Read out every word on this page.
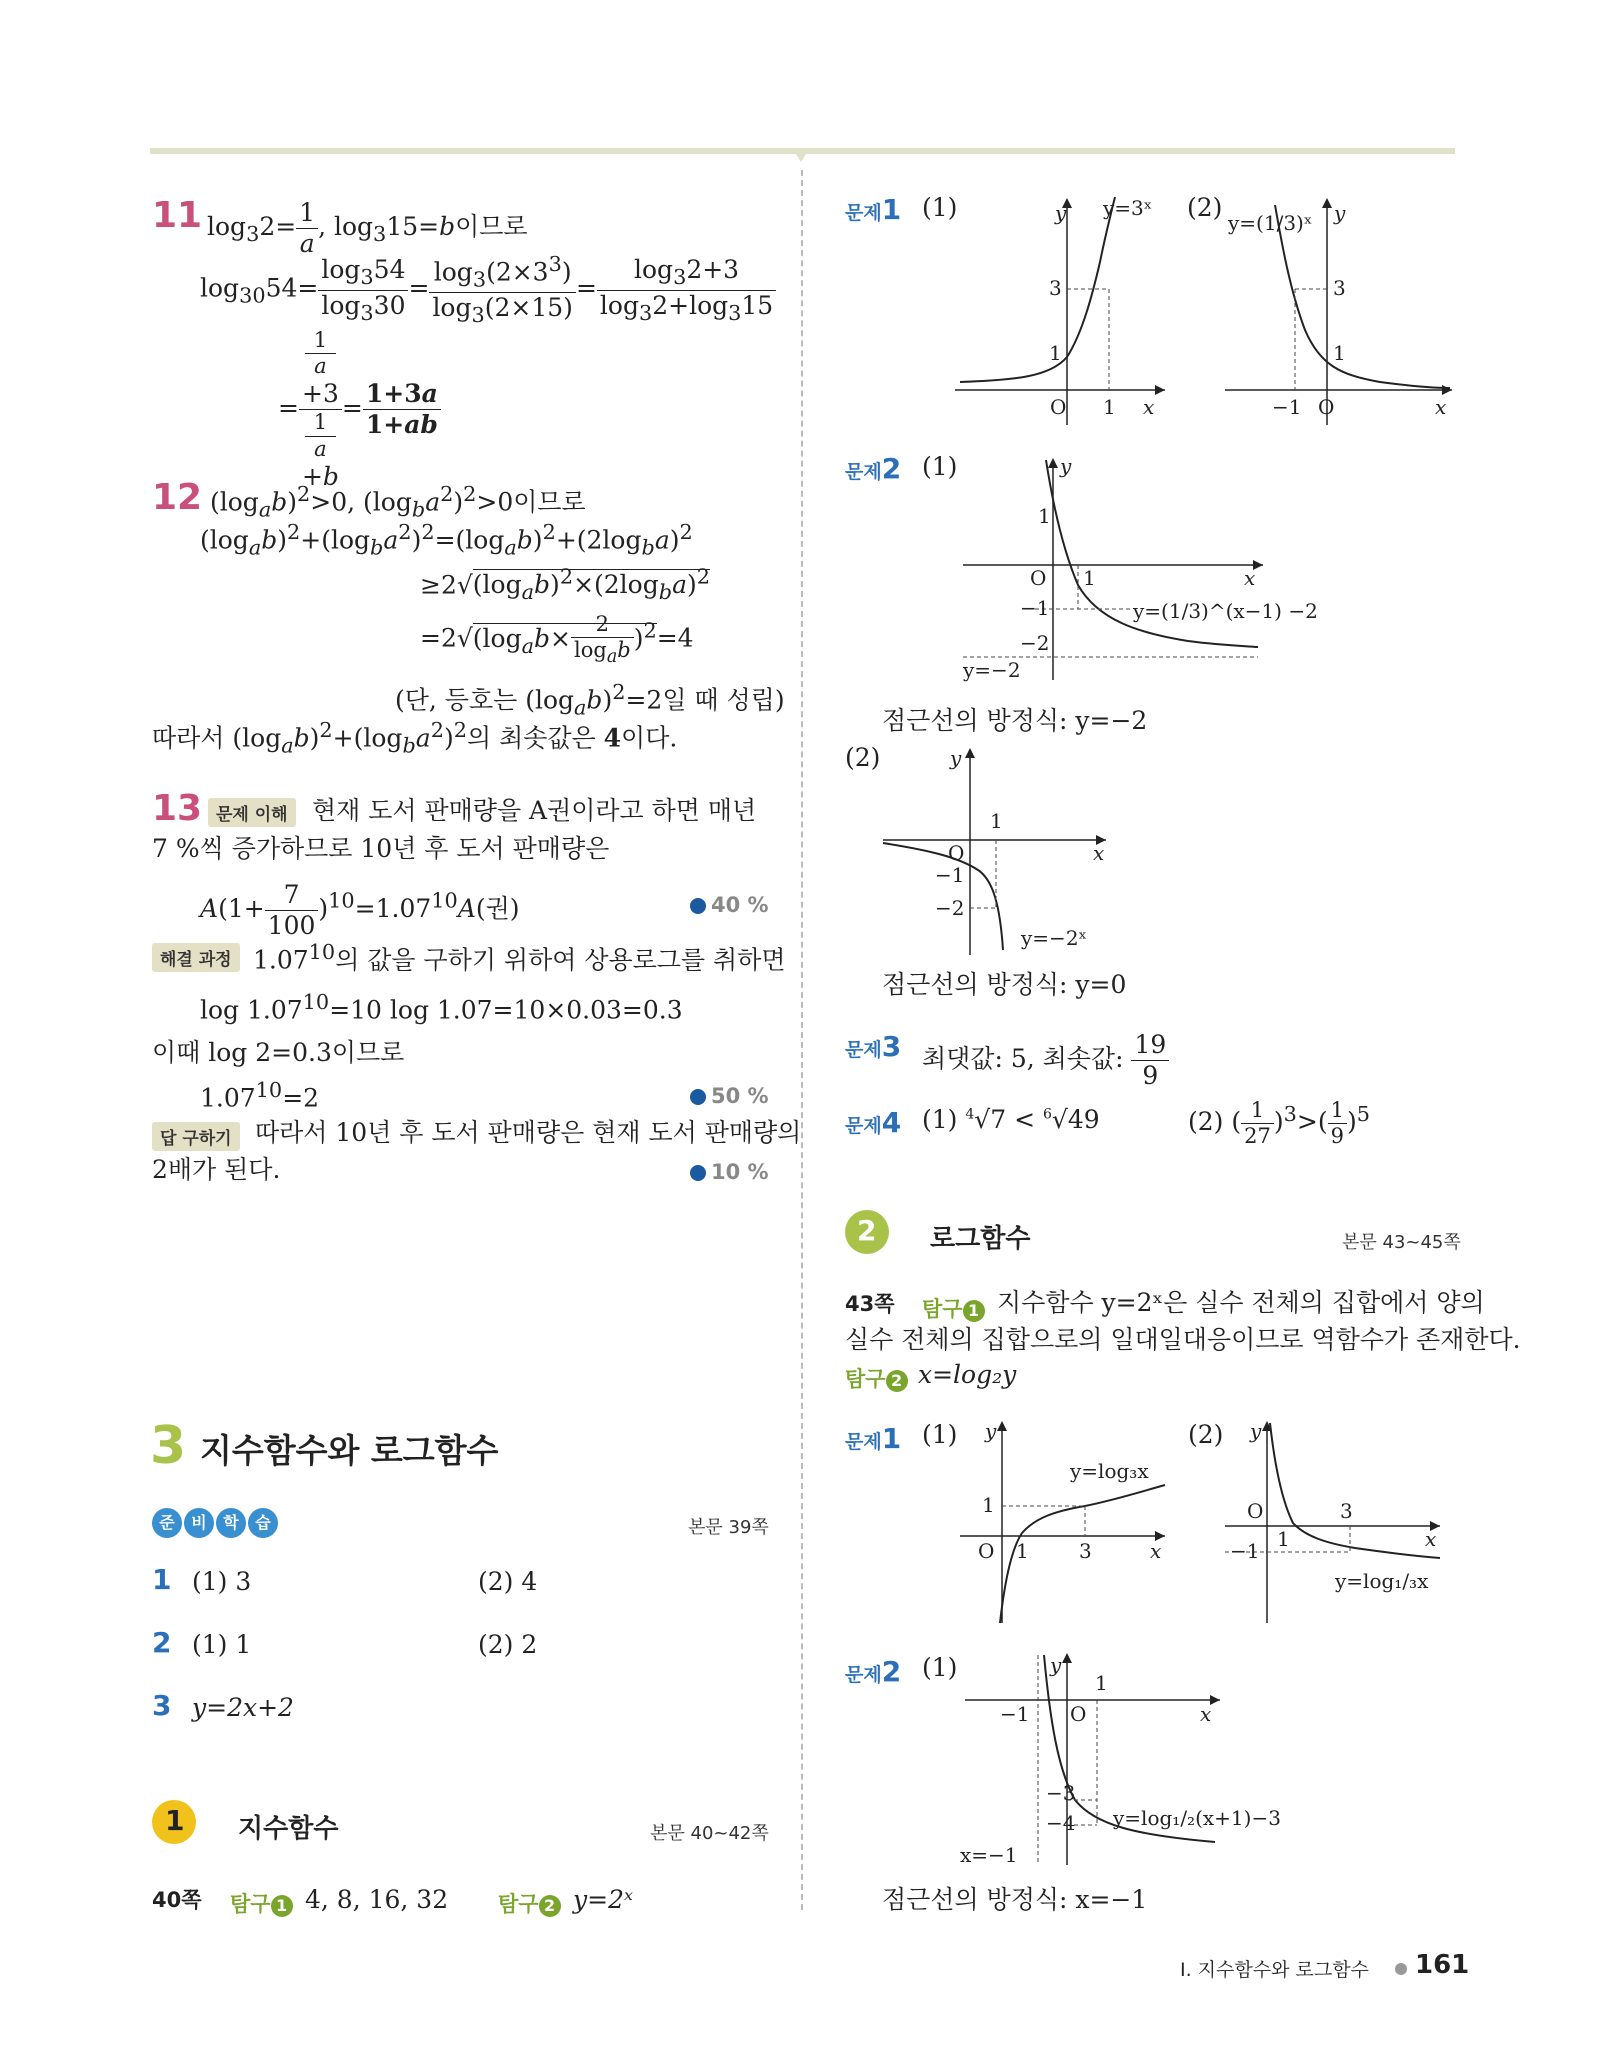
11 $\log_32= \frac{1}{a}$ , $\log_315=b$이므로
$\log_{30}54= \frac{\log_354}{\log_330} = \frac{\log_3(2\times 3^3)}{\log_3(2\times 15)} = \frac{\log_32+3}{\log_32+\log_315}$
= 1
a
+3
1
a
$+b = \frac{1+3a}{1+ab}$
12 $(\log_ab)^2>0$, $(\log_ba^2)^2>0$이므로
$(\log_ab)^2+(\log_ba^2)^2=(\log_ab)^2+(2\log_ba)^2$
$\ge 2√(\log_ab)^2\times(2\log_ba)^2$
$=2√(\log_ab\times \frac{2}{\log_ab} )^2=4$
(단, 등호는 $(\log_ab)^2=2$일 때 성립)
따라서 $(\log_ab)^2+(\log_ba^2)^2$의 최솟값은 4이다.
13 문제 이해 현재 도서 판매량을 A권이라고 하면 매년
7 %씩 증가하므로 10년 후 도서 판매량은
$A(1+ \frac{7}{100} )^{10}=1.07^{10}A$(권)	40 %
해결 과정 1.07$^{10}$의 값을 구하기 위하여 상용로그를 취하면
$\log 1.07^{10}=10$ log 1.07=10×0.03=0.3
이때 log 2=0.3이므로
$1.07^{10}=2$	50 %
답 구하기 따라서 10년 후 도서 판매량은 현재 도서 판매량의
2배가 된다.	10 %
3 지수함수와 로그함수
준 비 학 습	본문 39쪽
1 (1) 3	(2) 4
2 (1) 1	(2) 2
3 y=2x+2
1 지수함수	본문 40~42쪽
40쪽 탐구 1 4, 8, 16, 32 탐구 2 y=2ˣ
문제1 (1)	(2)
y y=3ˣ
3
1
O 1 x
y=(1/3)ˣ y
3
1
−1 O	x
문제2 (1)	y
1
O 1	x
−1
−2
y=−2
y=(1/3)^(x−1) −2
점근선의 방정식: y=−2
(2)	y
1
O	x
−1
−2
y=−2ˣ
점근선의 방정식: y=0
문제3 최댓값: 5, 최솟값: $\frac{19}{9}$
문제4 (1) $^4$√7 < $^6$√49	(2) ( $\frac{1}{27} )^3>( \frac{1}{9} )^5$
2 로그함수	본문 43~45쪽
43쪽 탐구 1 지수함수 y=2ˣ은 실수 전체의 집합에서 양의
실수 전체의 집합으로의 일대일대응이므로 역함수가 존재한다.
탐구 2 x=log₂y
문제1 (1)	(2)
y
y=log₃x
1
O 1	3	x
y
O	3
1	x
−1
y=log₁/₃x
문제2 (1)	y
1
−1 O	x
−3
−4 y=log₁/₂(x+1)−3
x=−1
점근선의 방정식: x=−1
Ⅰ. 지수함수와 로그함수 161
